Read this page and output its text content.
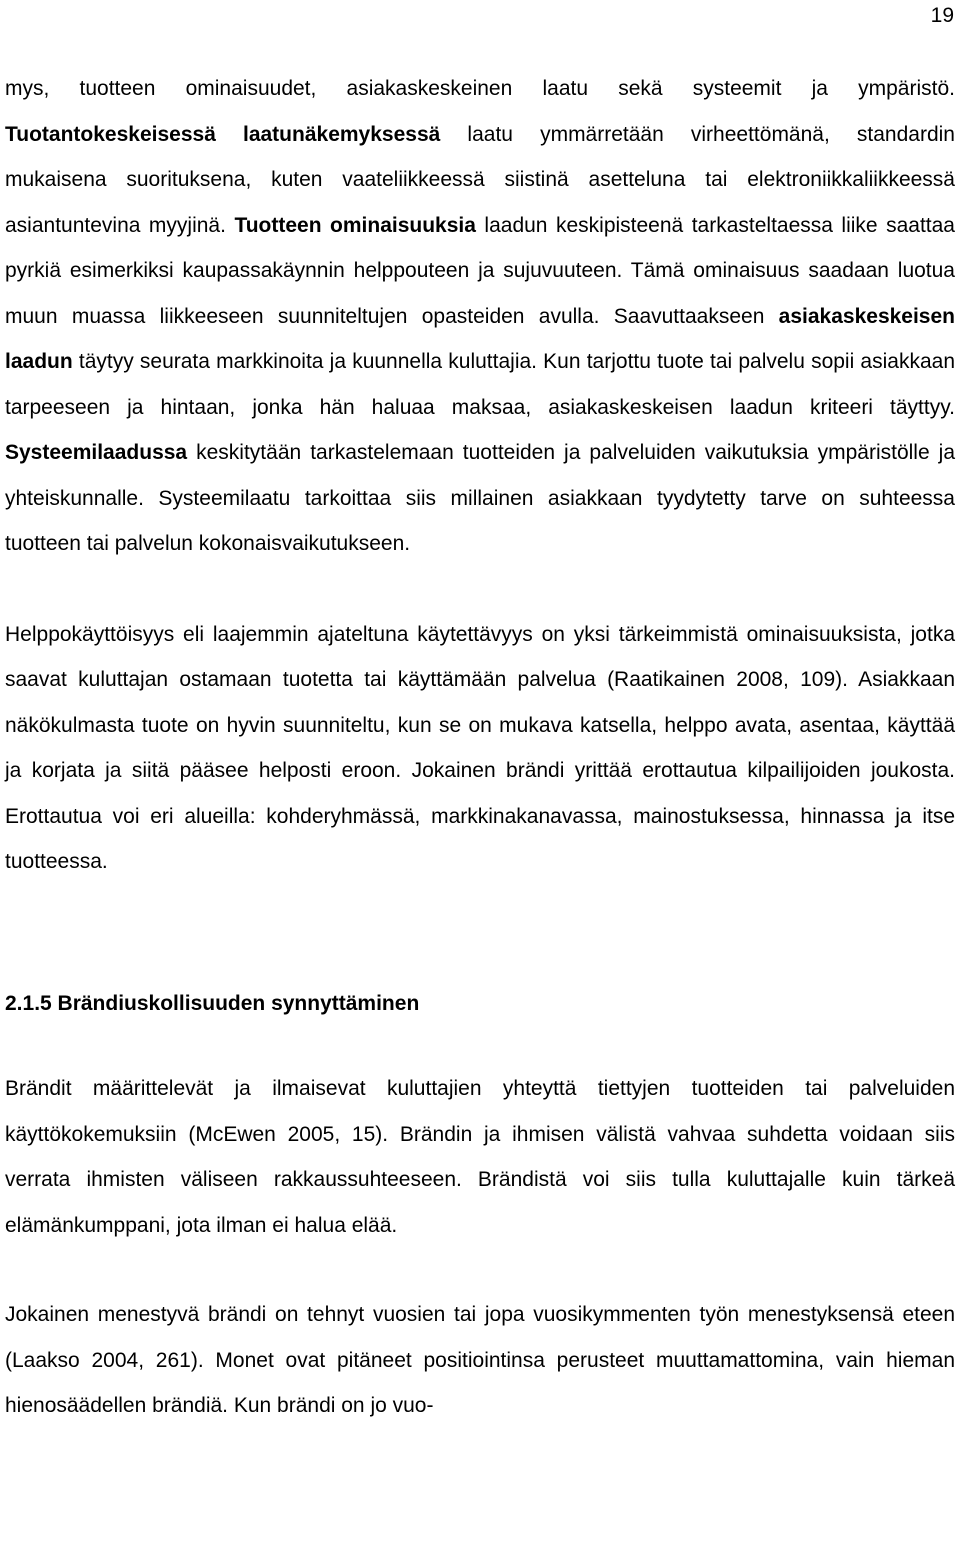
19

mys, tuotteen ominaisuudet, asiakaskeskeinen laatu sekä systeemit ja ympäristö. Tuotantokeskeisessä laatunäkemyksessä laatu ymmärretään virheettömänä, standardin mukaisena suorituksena, kuten vaateliikkeessä siistinä asetteluna tai elektroniikkaliikkeessä asiantuntevina myyjinä. Tuotteen ominaisuuksia laadun keskipisteenä tarkasteltaessa liike saattaa pyrkiä esimerkiksi kaupassakäynnin helppouteen ja sujuvuuteen. Tämä ominaisuus saadaan luotua muun muassa liikkeeseen suunniteltujen opasteiden avulla. Saavuttaakseen asiakaskeskeisen laadun täytyy seurata markkinoita ja kuunnella kuluttajia. Kun tarjottu tuote tai palvelu sopii asiakkaan tarpeeseen ja hintaan, jonka hän haluaa maksaa, asiakaskeskeisen laadun kriteeri täyttyy. Systeemilaadussa keskitytään tarkastelemaan tuotteiden ja palveluiden vaikutuksia ympäristölle ja yhteiskunnalle. Systeemilaatu tarkoittaa siis millainen asiakkaan tyydytetty tarve on suhteessa tuotteen tai palvelun kokonaisvaikutukseen.

Helppokäyttöisyys eli laajemmin ajateltuna käytettävyys on yksi tärkeimmistä ominaisuuksista, jotka saavat kuluttajan ostamaan tuotetta tai käyttämään palvelua (Raatikainen 2008, 109). Asiakkaan näkökulmasta tuote on hyvin suunniteltu, kun se on mukava katsella, helppo avata, asentaa, käyttää ja korjata ja siitä pääsee helposti eroon. Jokainen brändi yrittää erottautua kilpailijoiden joukosta. Erottautua voi eri alueilla: kohderyhmässä, markkinakanavassa, mainostuksessa, hinnassa ja itse tuotteessa.

2.1.5 Brändiuskollisuuden synnyttäminen

Brändit määrittelevät ja ilmaisevat kuluttajien yhteyttä tiettyjen tuotteiden tai palveluiden käyttökokemuksiin (McEwen 2005, 15). Brändin ja ihmisen välistä vahvaa suhdetta voidaan siis verrata ihmisten väliseen rakkaussuhteeseen. Brändistä voi siis tulla kuluttajalle kuin tärkeä elämänkumppani, jota ilman ei halua elää.

Jokainen menestyvä brändi on tehnyt vuosien tai jopa vuosikymmenten työn menestyksensä eteen (Laakso 2004, 261). Monet ovat pitäneet positiointinsa perusteet muuttamattomina, vain hieman hienosäädellen brändiä. Kun brändi on jo vuo-
